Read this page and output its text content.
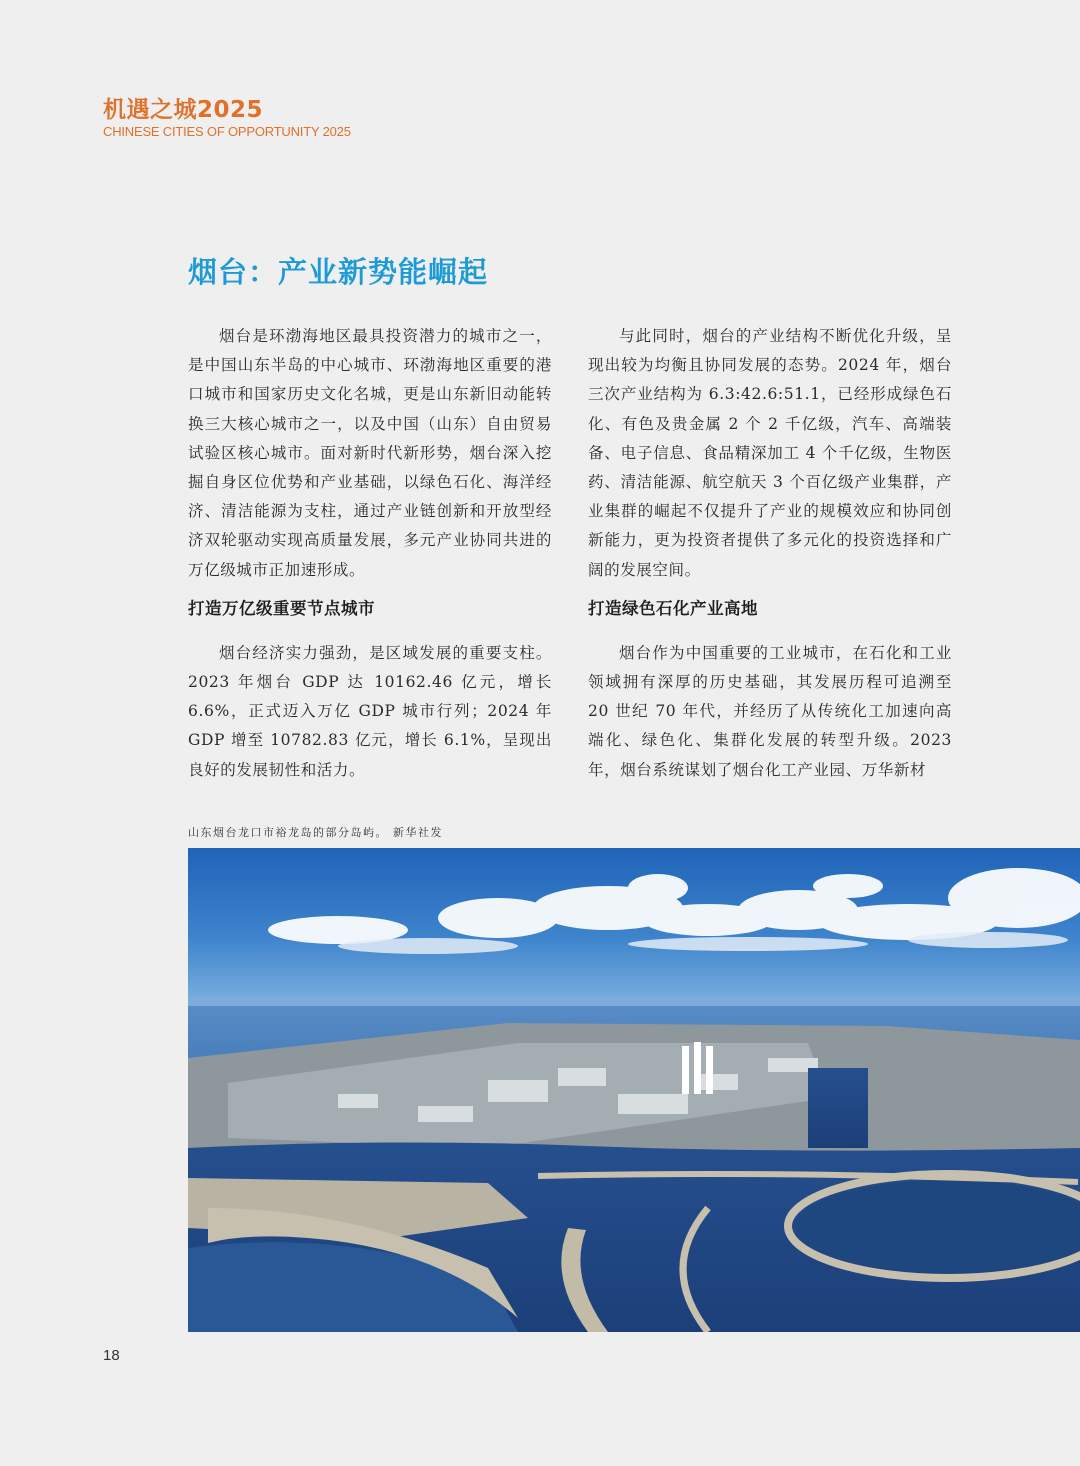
机遇之城2025
CHINESE CITIES OF OPPORTUNITY 2025
烟台：产业新势能崛起

烟台是环渤海地区最具投资潜力的城市之一，是中国山东半岛的中心城市、环渤海地区重要的港口城市和国家历史文化名城，更是山东新旧动能转换三大核心城市之一，以及中国（山东）自由贸易试验区核心城市。面对新时代新形势，烟台深入挖掘自身区位优势和产业基础，以绿色石化、海洋经济、清洁能源为支柱，通过产业链创新和开放型经济双轮驱动实现高质量发展，多元产业协同共进的万亿级城市正加速形成。

打造万亿级重要节点城市

烟台经济实力强劲，是区域发展的重要支柱。2023 年烟台 GDP 达 10162.46 亿元，增长 6.6%，正式迈入万亿 GDP 城市行列；2024 年 GDP 增至 10782.83 亿元，增长 6.1%，呈现出良好的发展韧性和活力。

与此同时，烟台的产业结构不断优化升级，呈现出较为均衡且协同发展的态势。2024 年，烟台三次产业结构为 6.3:42.6:51.1，已经形成绿色石化、有色及贵金属 2 个 2 千亿级，汽车、高端装备、电子信息、食品精深加工 4 个千亿级，生物医药、清洁能源、航空航天 3 个百亿级产业集群，产业集群的崛起不仅提升了产业的规模效应和协同创新能力，更为投资者提供了多元化的投资选择和广阔的发展空间。

打造绿色石化产业高地

烟台作为中国重要的工业城市，在石化和工业领域拥有深厚的历史基础，其发展历程可追溯至 20 世纪 70 年代，并经历了从传统化工加速向高端化、绿色化、集群化发展的转型升级。2023 年，烟台系统谋划了烟台化工产业园、万华新材

山东烟台龙口市裕龙岛的部分岛屿。 新华社发
18
